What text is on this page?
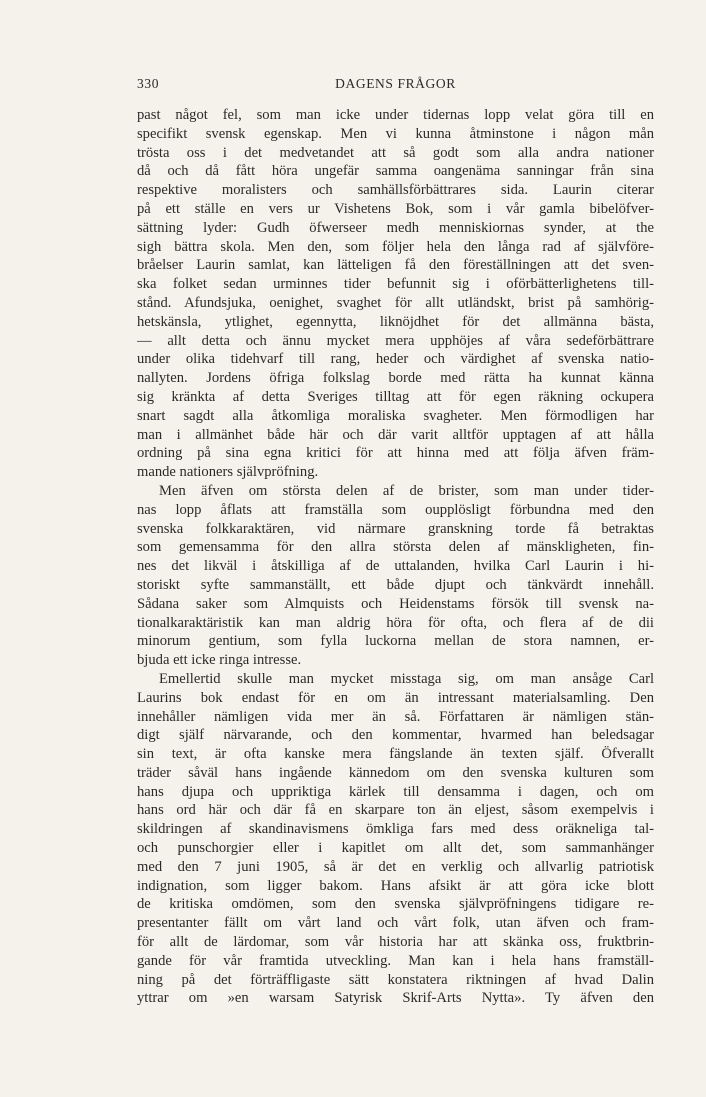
330	DAGENS FRÅGOR
past något fel, som man icke under tidernas lopp velat göra till en
specifikt svensk egenskap. Men vi kunna åtminstone i någon mån
trösta oss i det medvetandet att så godt som alla andra nationer
då och då fått höra ungefär samma oangenäma sanningar från sina
respektive moralisters och samhällsförbättrares sida. Laurin citerar
på ett ställe en vers ur Vishetens Bok, som i vår gamla bibelöfver-
sättning lyder: Gudh öfwerseer medh menniskiornas synder, at the
sigh bättra skola. Men den, som följer hela den långa rad af självföre-
bråelser Laurin samlat, kan lätteligen få den föreställningen att det sven-
ska folket sedan urminnes tider befunnit sig i oförbätterlighetens till-
stånd. Afundsjuka, oenighet, svaghet för allt utländskt, brist på samhörig-
hetskänsla, ytlighet, egennytta, liknöjdhet för det allmänna bästa,
— allt detta och ännu mycket mera upphöjes af våra sedeförbättrare
under olika tidehvarf till rang, heder och värdighet af svenska natio-
nallyten. Jordens öfriga folkslag borde med rätta ha kunnat känna
sig kränkta af detta Sveriges tilltag att för egen räkning ockupera
snart sagdt alla åtkomliga moraliska svagheter. Men förmodligen har
man i allmänhet både här och där varit alltför upptagen af att hålla
ordning på sina egna kritici för att hinna med att följa äfven främ-
mande nationers självpröfning.
Men äfven om största delen af de brister, som man under tider-
nas lopp åflats att framställa som oupplösligt förbundna med den
svenska folkkaraktären, vid närmare granskning torde få betraktas
som gemensamma för den allra största delen af mänskligheten, fin-
nes det likväl i åtskilliga af de uttalanden, hvilka Carl Laurin i hi-
storiskt syfte sammanställt, ett både djupt och tänkvärdt innehåll.
Sådana saker som Almquists och Heidenstams försök till svensk na-
tionalkaraktäristik kan man aldrig höra för ofta, och flera af de dii
minorum gentium, som fylla luckorna mellan de stora namnen, er-
bjuda ett icke ringa intresse.
Emellertid skulle man mycket misstaga sig, om man ansåge Carl
Laurins bok endast för en om än intressant materialsamling. Den
innehåller nämligen vida mer än så. Författaren är nämligen stän-
digt själf närvarande, och den kommentar, hvarmed han beledsagar
sin text, är ofta kanske mera fängslande än texten själf. Öfverallt
träder såväl hans ingående kännedom om den svenska kulturen som
hans djupa och uppriktiga kärlek till densamma i dagen, och om
hans ord här och där få en skarpare ton än eljest, såsom exempelvis i
skildringen af skandinavismens ömkliga fars med dess oräkneliga tal-
och punschorgier eller i kapitlet om allt det, som sammanhänger
med den 7 juni 1905, så är det en verklig och allvarlig patriotisk
indignation, som ligger bakom. Hans afsikt är att göra icke blott
de kritiska omdömen, som den svenska självpröfningens tidigare re-
presentanter fällt om vårt land och vårt folk, utan äfven och fram-
för allt de lärdomar, som vår historia har att skänka oss, fruktbrin-
gande för vår framtida utveckling. Man kan i hela hans framställ-
ning på det förträffligaste sätt konstatera riktningen af hvad Dalin
yttrar om »en warsam Satyrisk Skrif-Arts Nytta». Ty äfven den
